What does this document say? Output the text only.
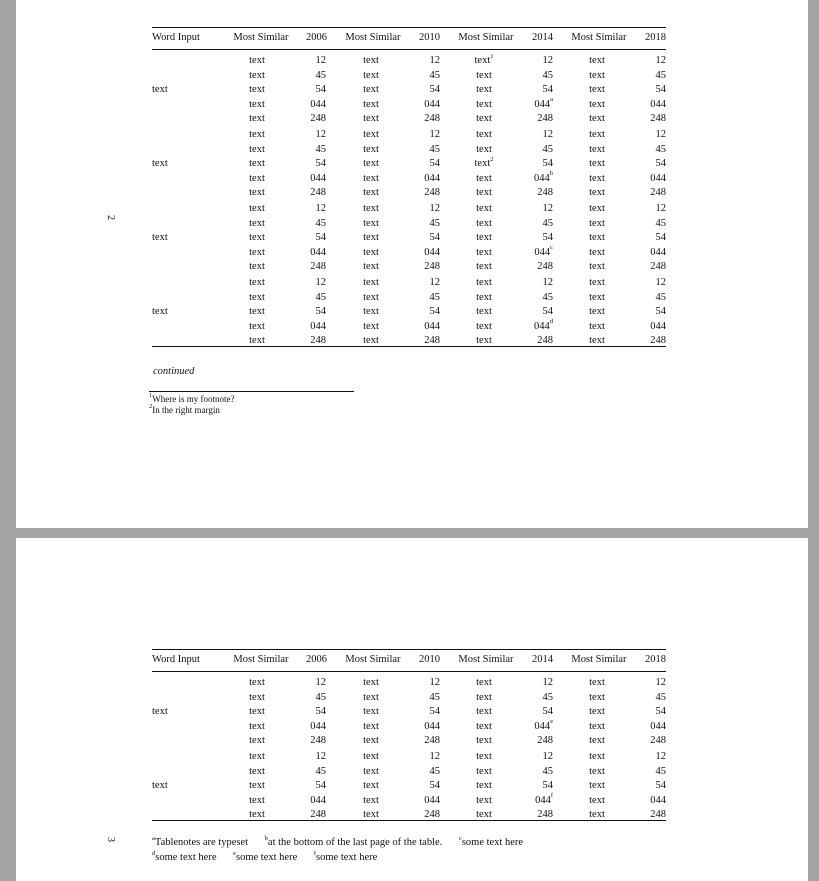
2
Word Input	Most Similar	2006	Most Similar	2010	Most Similar	2014	Most Similar	2018
text
text	12	text	12	text$^1$	12	text	12
text	45	text	45	text	45	text	45
text	54	text	54	text	54	text	54
text	044	text	044	text	044$^a$	text	044
text	248	text	248	text	248	text	248
text
text	12	text	12	text	12	text	12
text	45	text	45	text	45	text	45
text	54	text	54	text$^2$	54	text	54
text	044	text	044	text	044$^b$	text	044
text	248	text	248	text	248	text	248
text
text	12	text	12	text	12	text	12
text	45	text	45	text	45	text	45
text	54	text	54	text	54	text	54
text	044	text	044	text	044$^c$	text	044
text	248	text	248	text	248	text	248
text
text	12	text	12	text	12	text	12
text	45	text	45	text	45	text	45
text	54	text	54	text	54	text	54
text	044	text	044	text	044$^d$	text	044
text	248	text	248	text	248	text	248
continued
$^1$Where is my footnote?
$^2$In the right margin
3
Word Input	Most Similar	2006	Most Similar	2010	Most Similar	2014	Most Similar	2018
text
text	12	text	12	text	12	text	12
text	45	text	45	text	45	text	45
text	54	text	54	text	54	text	54
text	044	text	044	text	044e	text	044
text	248	text	248	text	248	text	248
text
text	12	text	12	text	12	text	12
text	45	text	45	text	45	text	45
text	54	text	54	text	54	text	54
text	044	text	044	text	044$^f$	text	044
text	248	text	248	text	248	text	248
$^a$Tablenotes are typeset	$^b$at the bottom of the last page of the table.	$^c$some text here
$^d$some text here	$^e$some text here	$^f$some text here
